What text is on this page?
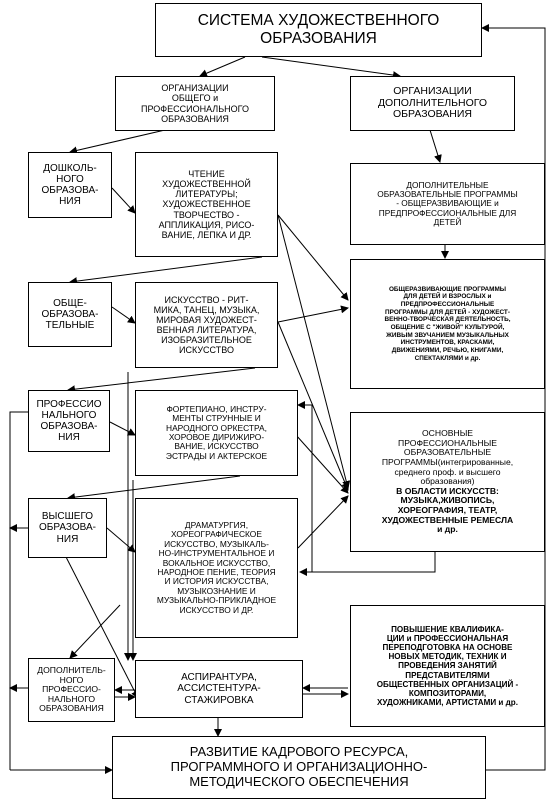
СИСТЕМА ХУДОЖЕСТВЕННОГО
ОБРАЗОВАНИЯ
ОРГАНИЗАЦИИ
ОБЩЕГО и
ПРОФЕССИОНАЛЬНОГО
ОБРАЗОВАНИЯ
ОРГАНИЗАЦИИ
ДОПОЛНИТЕЛЬНОГО
ОБРАЗОВАНИЯ
ДОШКОЛЬ-
НОГО
ОБРАЗОВА-
НИЯ
ЧТЕНИЕ
ХУДОЖЕСТВЕННОЙ
ЛИТЕРАТУРЫ;
ХУДОЖЕСТВЕННОЕ
ТВОРЧЕСТВО -
АППЛИКАЦИЯ, РИСО-
ВАНИЕ, ЛЕПКА И ДР.
ДОПОЛНИТЕЛЬНЫЕ
ОБРАЗОВАТЕЛЬНЫЕ ПРОГРАММЫ
- ОБЩЕРАЗВИВАЮЩИЕ и
ПРЕДПРОФЕССИОНАЛЬНЫЕ ДЛЯ
ДЕТЕЙ
ОБЩЕ-
ОБРАЗОВА-
ТЕЛЬНЫЕ
ИСКУССТВО - РИТ-
МИКА, ТАНЕЦ, МУЗЫКА,
МИРОВАЯ ХУДОЖЕСТ-
ВЕННАЯ ЛИТЕРАТУРА,
ИЗОБРАЗИТЕЛЬНОЕ
ИСКУССТВО
ОБЩЕРАЗВИВАЮЩИЕ ПРОГРАММЫ
ДЛЯ ДЕТЕЙ И ВЗРОСЛЫХ и
ПРЕДПРОФЕССИОНАЛЬНЫЕ
ПРОГРАММЫ ДЛЯ ДЕТЕЙ - ХУДОЖЕСТ-
ВЕННО-ТВОРЧЕСКАЯ ДЕЯТЕЛЬНОСТЬ,
ОБЩЕНИЕ С "ЖИВОЙ" КУЛЬТУРОЙ,
ЖИВЫМ ЗВУЧАНИЕМ МУЗЫКАЛЬНЫХ
ИНСТРУМЕНТОВ, КРАСКАМИ,
ДВИЖЕНИЯМИ, РЕЧЬЮ, КНИГАМИ,
СПЕКТАКЛЯМИ и др.
ПРОФЕССИО
НАЛЬНОГО
ОБРАЗОВА-
НИЯ
ФОРТЕПИАНО, ИНСТРУ-
МЕНТЫ СТРУННЫЕ И
НАРОДНОГО ОРКЕСТРА,
ХОРОВОЕ ДИРИЖИРО-
ВАНИЕ, ИСКУССТВО
ЭСТРАДЫ И АКТЕРСКОЕ
ОСНОВНЫЕ
ПРОФЕССИОНАЛЬНЫЕ
ОБРАЗОВАТЕЛЬНЫЕ
ПРОГРАММЫ(интегрированные,
среднего проф. и высшего
образования)
В ОБЛАСТИ ИСКУССТВ:
МУЗЫКА,ЖИВОПИСЬ,
ХОРЕОГРАФИЯ, ТЕАТР,
ХУДОЖЕСТВЕННЫЕ РЕМЕСЛА
и др.
ВЫСШЕГО
ОБРАЗОВА-
НИЯ
ДРАМАТУРГИЯ,
ХОРЕОГРАФИЧЕСКОЕ
ИСКУССТВО, МУЗЫКАЛЬ-
НО-ИНСТРУМЕНТАЛЬНОЕ И
ВОКАЛЬНОЕ ИСКУССТВО,
НАРОДНОЕ ПЕНИЕ, ТЕОРИЯ
И ИСТОРИЯ ИСКУССТВА,
МУЗЫКОЗНАНИЕ И
МУЗЫКАЛЬНО-ПРИКЛАДНОЕ
ИСКУССТВО И ДР.
ПОВЫШЕНИЕ КВАЛИФИКА-
ЦИИ и ПРОФЕССИОНАЛЬНАЯ
ПЕРЕПОДГОТОВКА НА ОСНОВЕ
НОВЫХ МЕТОДИК, ТЕХНИК И
ПРОВЕДЕНИЯ ЗАНЯТИЙ
ПРЕДСТАВИТЕЛЯМИ
ОБЩЕСТВЕННЫХ ОРГАНИЗАЦИЙ -
КОМПОЗИТОРАМИ,
ХУДОЖНИКАМИ, АРТИСТАМИ и др.
ДОПОЛНИТЕЛЬ-
НОГО
ПРОФЕССИО-
НАЛЬНОГО
ОБРАЗОВАНИЯ
АСПИРАНТУРА,
АССИСТЕНТУРА-
СТАЖИРОВКА
РАЗВИТИЕ КАДРОВОГО РЕСУРСА,
ПРОГРАММНОГО И ОРГАНИЗАЦИОННО-
МЕТОДИЧЕСКОГО ОБЕСПЕЧЕНИЯ
